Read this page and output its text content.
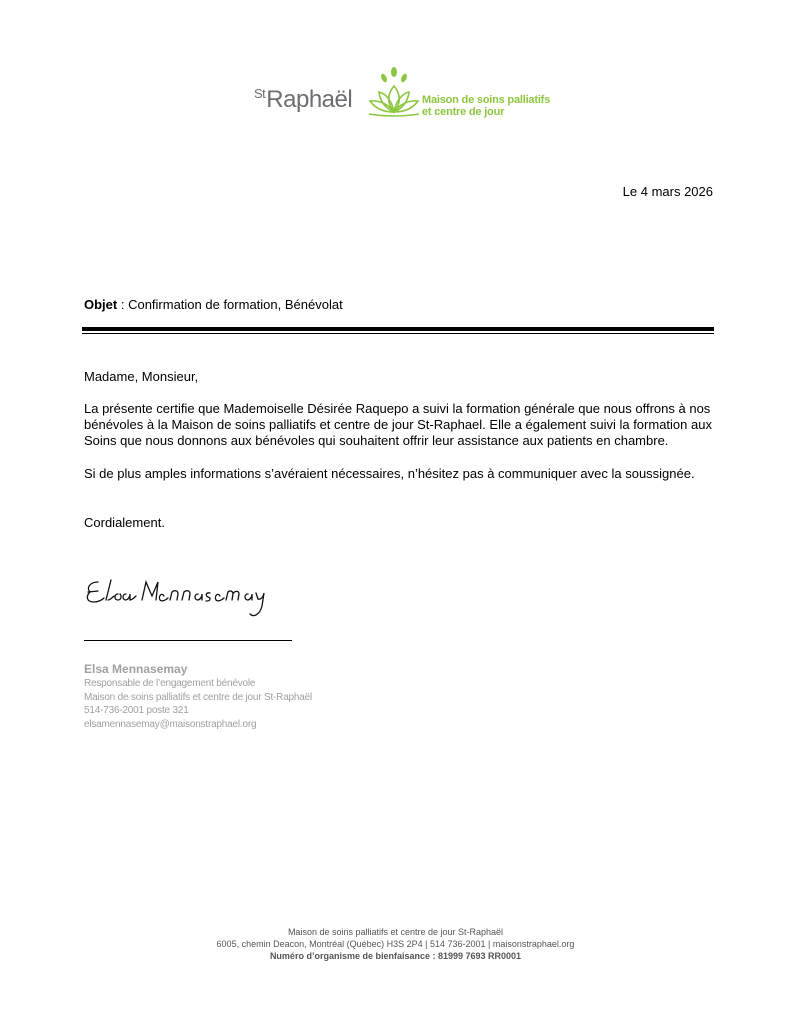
$^{St}$Raphaël	Maison de soins palliatifs
et centre de jour
Le 4 mars 2026
Objet : Confirmation de formation, Bénévolat
Madame, Monsieur,
La présente certifie que Mademoiselle Désirée Raquepo a suivi la formation générale que nous offrons à nos bénévoles à la Maison de soins palliatifs et centre de jour St-Raphael. Elle a également suivi la formation aux Soins que nous donnons aux bénévoles qui souhaitent offrir leur assistance aux patients en chambre.
Si de plus amples informations s’avéraient nécessaires, n’hésitez pas à communiquer avec la soussignée.
Cordialement.
Elsa Mennasemay
Responsable de l’engagement bénévole
Maison de soins palliatifs et centre de jour St-Raphaël
514-736-2001 poste 321
elsamennasemay@maisonstraphael.org
Maison de soins palliatifs et centre de jour St-Raphaël
6005, chemin Deacon, Montréal (Québec) H3S 2P4 | 514 736-2001 | maisonstraphael.org
Numéro d’organisme de bienfaisance : 81999 7693 RR0001
